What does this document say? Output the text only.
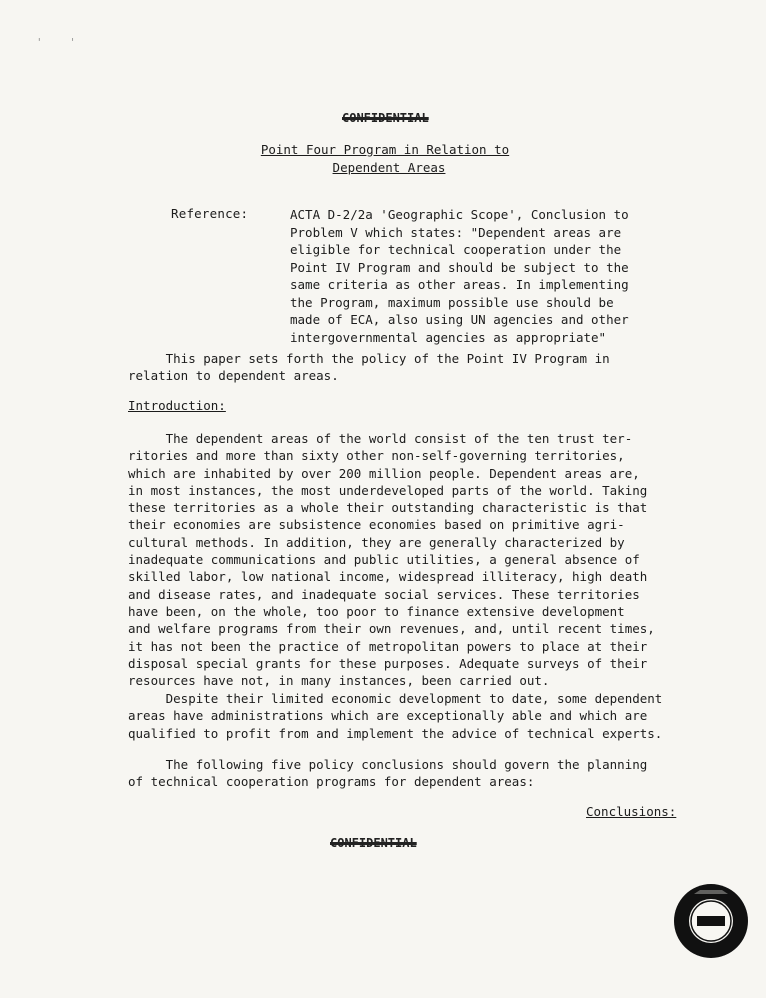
' '
CONFIDENTIAL
Point Four Program in Relation to
Dependent Areas
Reference:	ACTA D-2/2a 'Geographic Scope', Conclusion to
Problem V which states: "Dependent areas are
eligible for technical cooperation under the
Point IV Program and should be subject to the
same criteria as other areas. In implementing
the Program, maximum possible use should be
made of ECA, also using UN agencies and other
intergovernmental agencies as appropriate"
This paper sets forth the policy of the Point IV Program in
relation to dependent areas.
Introduction:
The dependent areas of the world consist of the ten trust ter-
ritories and more than sixty other non-self-governing territories,
which are inhabited by over 200 million people. Dependent areas are,
in most instances, the most underdeveloped parts of the world. Taking
these territories as a whole their outstanding characteristic is that
their economies are subsistence economies based on primitive agri-
cultural methods. In addition, they are generally characterized by
inadequate communications and public utilities, a general absence of
skilled labor, low national income, widespread illiteracy, high death
and disease rates, and inadequate social services. These territories
have been, on the whole, too poor to finance extensive development
and welfare programs from their own revenues, and, until recent times,
it has not been the practice of metropolitan powers to place at their
disposal special grants for these purposes. Adequate surveys of their
resources have not, in many instances, been carried out.
Despite their limited economic development to date, some dependent
areas have administrations which are exceptionally able and which are
qualified to profit from and implement the advice of technical experts.
The following five policy conclusions should govern the planning
of technical cooperation programs for dependent areas:
Conclusions:
CONFIDENTIAL
